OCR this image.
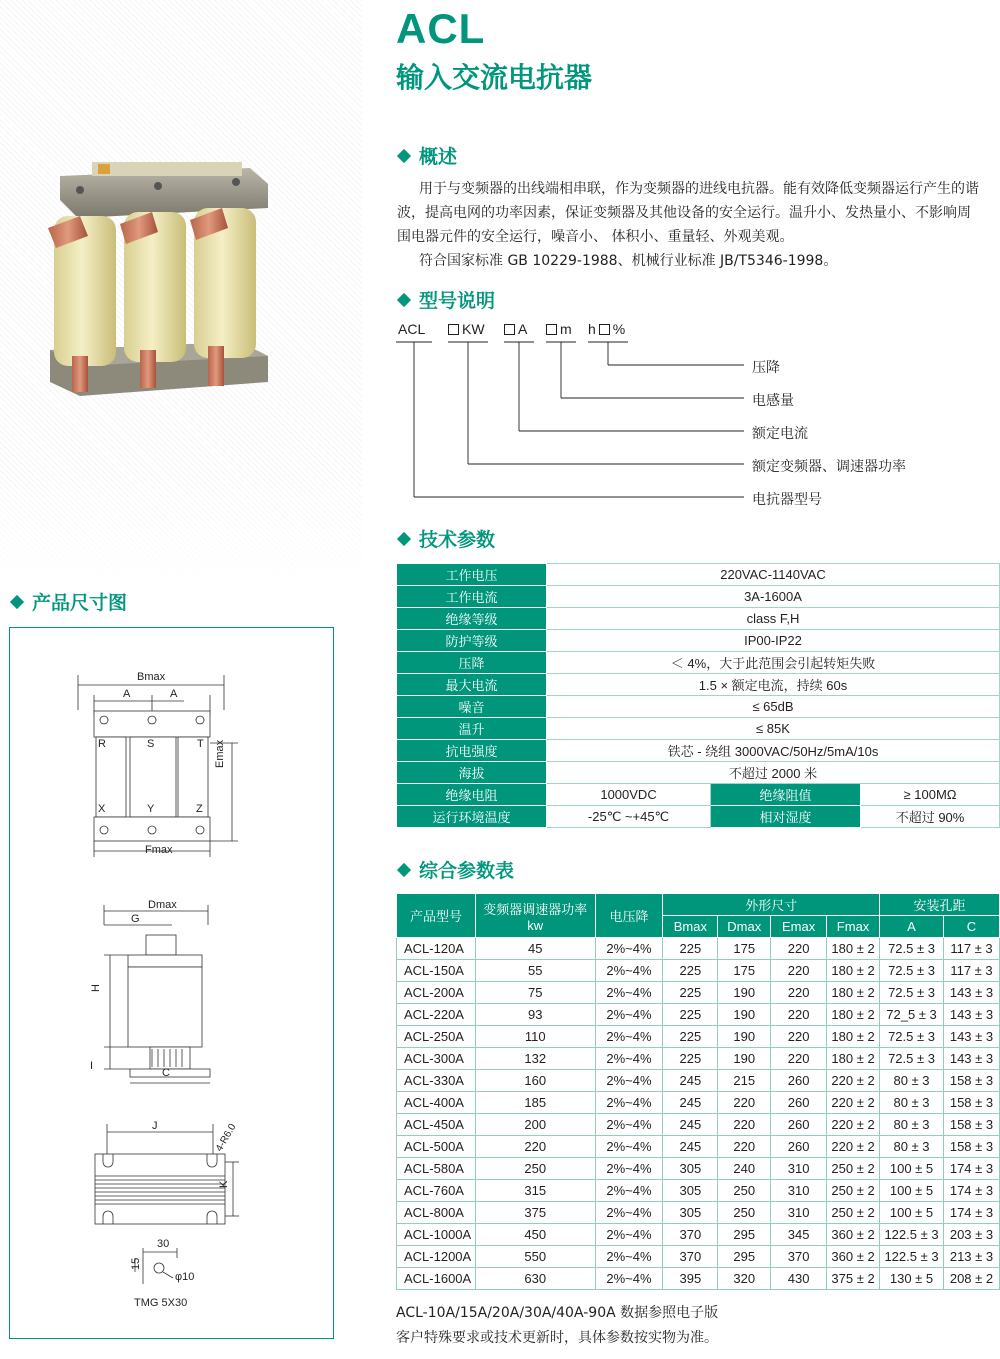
产品尺寸图
Bmax
A	A
R	S	T
X	Y	Z
Emax
Fmax
Dmax
G
H
I
C
J	4-R6.0
K
30
15
φ10
TMG 5X30
ACL
输入交流电抗器
概述
用于与变频器的出线端相串联，作为变频器的进线电抗器。能有效降低变频器运行产生的谐
波，提高电网的功率因素，保证变频器及其他设备的安全运行。温升小、发热量小、不影响周
围电器元件的安全运行，噪音小、 体积小、重量轻、外观美观。
符合国家标准 GB 10229-1988、机械行业标准 JB/T5346-1998。
型号说明
ACL	KW	A	m h %
压降
电感量
额定电流
额定变频器、调速器功率
电抗器型号
技术参数
工作电压	220VAC-1140VAC		
工作电流	3A-1600A		
绝缘等级	class F,H		
防护等级	IP00-IP22		
压降	＜ 4%，大于此范围会引起转矩失败		
最大电流	1.5 × 额定电流，持续 60s		
噪音	≤ 65dB		
温升	≤ 85K		
抗电强度	铁芯 - 绕组 3000VAC/50Hz/5mA/10s		
海拔	不超过 2000 米		
绝缘电阻	1000VDC	绝缘阻值	≥ 100MΩ
运行环境温度	-25℃ ~+45℃	相对湿度	不超过 90%
综合参数表
产品型号	变频器调速器功率
kw	电压降	外形尺寸				安装孔距	
			Bmax	Dmax	Emax	Fmax	A	C
ACL-120A	45	2%~4%	225	175	220	180 ± 2	72.5 ± 3	117 ± 3
ACL-150A	55	2%~4%	225	175	220	180 ± 2	72.5 ± 3	117 ± 3
ACL-200A	75	2%~4%	225	190	220	180 ± 2	72.5 ± 3	143 ± 3
ACL-220A	93	2%~4%	225	190	220	180 ± 2	72_5 ± 3	143 ± 3
ACL-250A	110	2%~4%	225	190	220	180 ± 2	72.5 ± 3	143 ± 3
ACL-300A	132	2%~4%	225	190	220	180 ± 2	72.5 ± 3	143 ± 3
ACL-330A	160	2%~4%	245	215	260	220 ± 2	80 ± 3	158 ± 3
ACL-400A	185	2%~4%	245	220	260	220 ± 2	80 ± 3	158 ± 3
ACL-450A	200	2%~4%	245	220	260	220 ± 2	80 ± 3	158 ± 3
ACL-500A	220	2%~4%	245	220	260	220 ± 2	80 ± 3	158 ± 3
ACL-580A	250	2%~4%	305	240	310	250 ± 2	100 ± 5	174 ± 3
ACL-760A	315	2%~4%	305	250	310	250 ± 2	100 ± 5	174 ± 3
ACL-800A	375	2%~4%	305	250	310	250 ± 2	100 ± 5	174 ± 3
ACL-1000A	450	2%~4%	370	295	345	360 ± 2	122.5 ± 3	203 ± 3
ACL-1200A	550	2%~4%	370	295	370	360 ± 2	122.5 ± 3	213 ± 3
ACL-1600A	630	2%~4%	395	320	430	375 ± 2	130 ± 5	208 ± 2
ACL-10A/15A/20A/30A/40A-90A 数据参照电子版
客户特殊要求或技术更新时，具体参数按实物为准。
